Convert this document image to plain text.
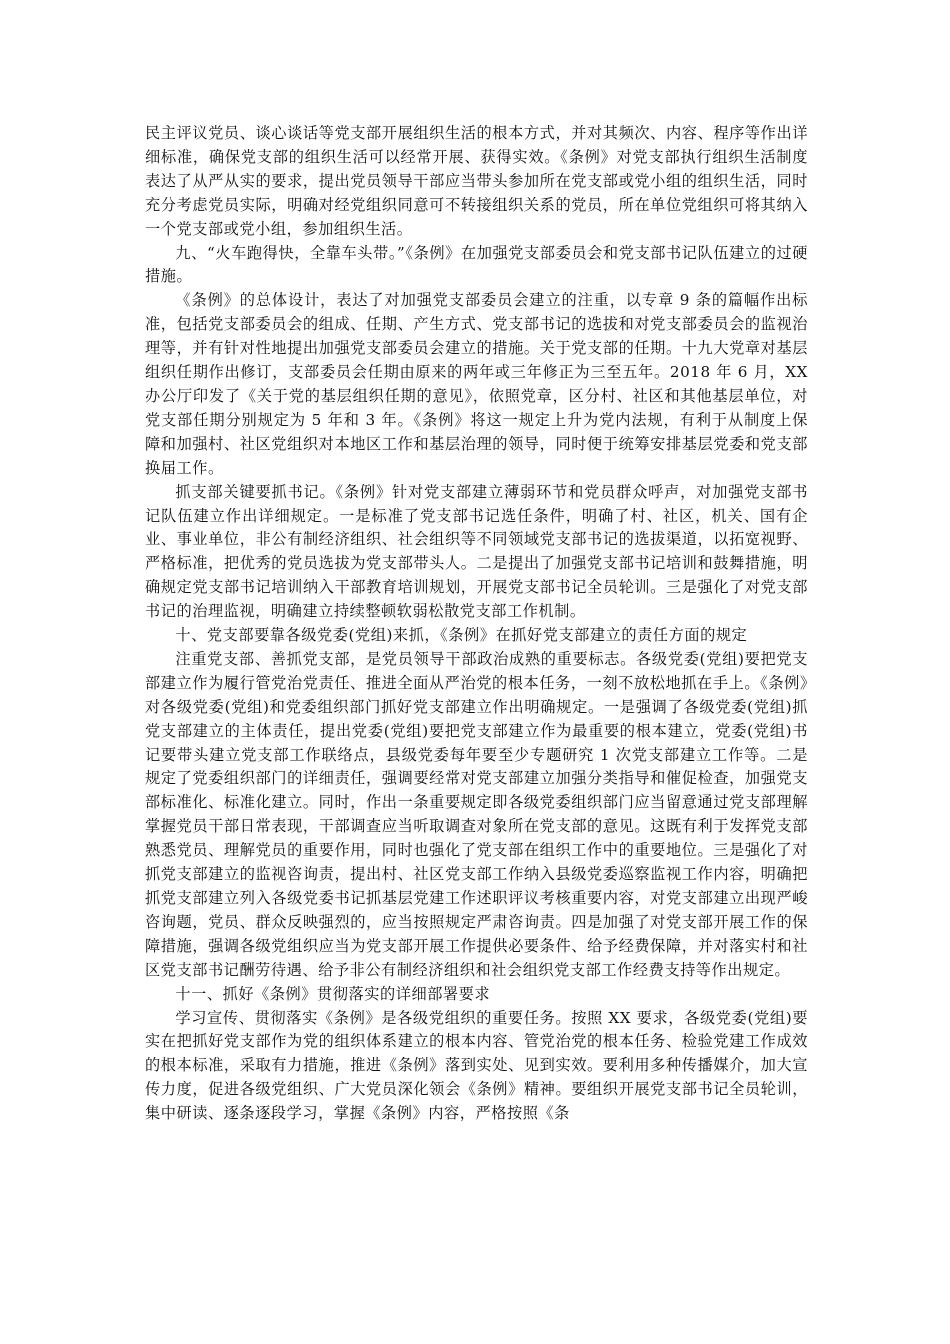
民主评议党员、谈心谈话等党支部开展组织生活的根本方式，并对其频次、内容、程序等作出详细标准，确保党支部的组织生活可以经常开展、获得实效。《条例》对党支部执行组织生活制度表达了从严从实的要求，提出党员领导干部应当带头参加所在党支部或党小组的组织生活，同时充分考虑党员实际，明确对经党组织同意可不转接组织关系的党员，所在单位党组织可将其纳入一个党支部或党小组，参加组织生活。

九、“火车跑得快，全靠车头带。”《条例》在加强党支部委员会和党支部书记队伍建立的过硬措施。

《条例》的总体设计，表达了对加强党支部委员会建立的注重，以专章 9 条的篇幅作出标准，包括党支部委员会的组成、任期、产生方式、党支部书记的选拔和对党支部委员会的监视治理等，并有针对性地提出加强党支部委员会建立的措施。关于党支部的任期。十九大党章对基层组织任期作出修订，支部委员会任期由原来的两年或三年修正为三至五年。2018 年 6 月，XX 办公厅印发了《关于党的基层组织任期的意见》，依照党章，区分村、社区和其他基层单位，对党支部任期分别规定为 5 年和 3 年。《条例》将这一规定上升为党内法规，有利于从制度上保障和加强村、社区党组织对本地区工作和基层治理的领导，同时便于统筹安排基层党委和党支部换届工作。

抓支部关键要抓书记。《条例》针对党支部建立薄弱环节和党员群众呼声，对加强党支部书记队伍建立作出详细规定。一是标准了党支部书记选任条件，明确了村、社区，机关、国有企业、事业单位，非公有制经济组织、社会组织等不同领域党支部书记的选拔渠道，以拓宽视野、严格标准，把优秀的党员选拔为党支部带头人。二是提出了加强党支部书记培训和鼓舞措施，明确规定党支部书记培训纳入干部教育培训规划，开展党支部书记全员轮训。三是强化了对党支部书记的治理监视，明确建立持续整顿软弱松散党支部工作机制。

十、党支部要靠各级党委(党组)来抓，《条例》在抓好党支部建立的责任方面的规定

注重党支部、善抓党支部，是党员领导干部政治成熟的重要标志。各级党委(党组)要把党支部建立作为履行管党治党责任、推进全面从严治党的根本任务，一刻不放松地抓在手上。《条例》对各级党委(党组)和党委组织部门抓好党支部建立作出明确规定。一是强调了各级党委(党组)抓党支部建立的主体责任，提出党委(党组)要把党支部建立作为最重要的根本建立，党委(党组)书记要带头建立党支部工作联络点，县级党委每年要至少专题研究 1 次党支部建立工作等。二是规定了党委组织部门的详细责任，强调要经常对党支部建立加强分类指导和催促检查，加强党支部标准化、标准化建立。同时，作出一条重要规定即各级党委组织部门应当留意通过党支部理解掌握党员干部日常表现，干部调查应当听取调查对象所在党支部的意见。这既有利于发挥党支部熟悉党员、理解党员的重要作用，同时也强化了党支部在组织工作中的重要地位。三是强化了对抓党支部建立的监视咨询责，提出村、社区党支部工作纳入县级党委巡察监视工作内容，明确把抓党支部建立列入各级党委书记抓基层党建工作述职评议考核重要内容，对党支部建立出现严峻咨询题，党员、群众反映强烈的，应当按照规定严肃咨询责。四是加强了对党支部开展工作的保障措施，强调各级党组织应当为党支部开展工作提供必要条件、给予经费保障，并对落实村和社区党支部书记酬劳待遇、给予非公有制经济组织和社会组织党支部工作经费支持等作出规定。

十一、抓好《条例》贯彻落实的详细部署要求

学习宣传、贯彻落实《条例》是各级党组织的重要任务。按照 XX 要求，各级党委(党组)要实在把抓好党支部作为党的组织体系建立的根本内容、管党治党的根本任务、检验党建工作成效的根本标准，采取有力措施，推进《条例》落到实处、见到实效。要利用多种传播媒介，加大宣传力度，促进各级党组织、广大党员深化领会《条例》精神。要组织开展党支部书记全员轮训，集中研读、逐条逐段学习，掌握《条例》内容，严格按照《条
